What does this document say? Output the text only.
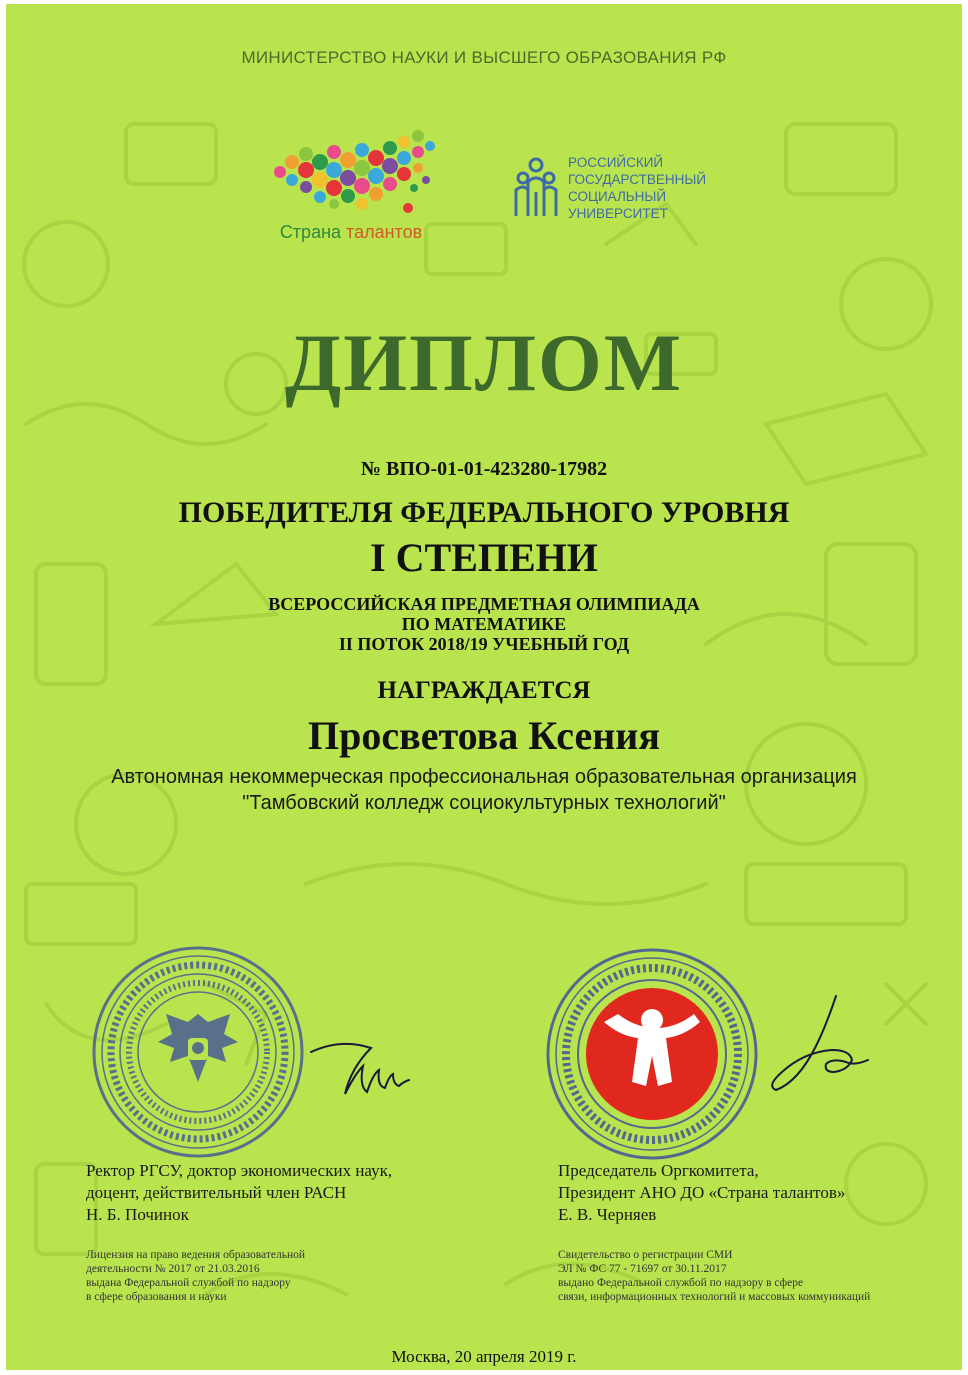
МИНИСТЕРСТВО НАУКИ И ВЫСШЕГО ОБРАЗОВАНИЯ РФ
Страна талантов
РОССИЙСКИЙ
ГОСУДАРСТВЕННЫЙ
СОЦИАЛЬНЫЙ
УНИВЕРСИТЕТ
ДИПЛОМ
№ ВПО-01-01-423280-17982
ПОБЕДИТЕЛЯ ФЕДЕРАЛЬНОГО УРОВНЯ
I СТЕПЕНИ
ВСЕРОССИЙСКАЯ ПРЕДМЕТНАЯ ОЛИМПИАДА
ПО МАТЕМАТИКЕ
II ПОТОК 2018/19 УЧЕБНЫЙ ГОД
НАГРАЖДАЕТСЯ
Просветова Ксения
Автономная некоммерческая профессиональная образовательная организация
"Тамбовский колледж социокультурных технологий"
Ректор РГСУ, доктор экономических наук,
доцент, действительный член РАСН
Н. Б. Починок
Лицензия на право ведения образовательной
деятельности № 2017 от 21.03.2016
выдана Федеральной службой по надзору
в сфере образования и науки
Председатель Оргкомитета,
Президент АНО ДО «Страна талантов»
Е. В. Черняев
Свидетельство о регистрации СМИ
ЭЛ № ФС 77 - 71697 от 30.11.2017
выдано Федеральной службой по надзору в сфере
связи, информационных технологий и массовых коммуникаций
Москва, 20 апреля 2019 г.
